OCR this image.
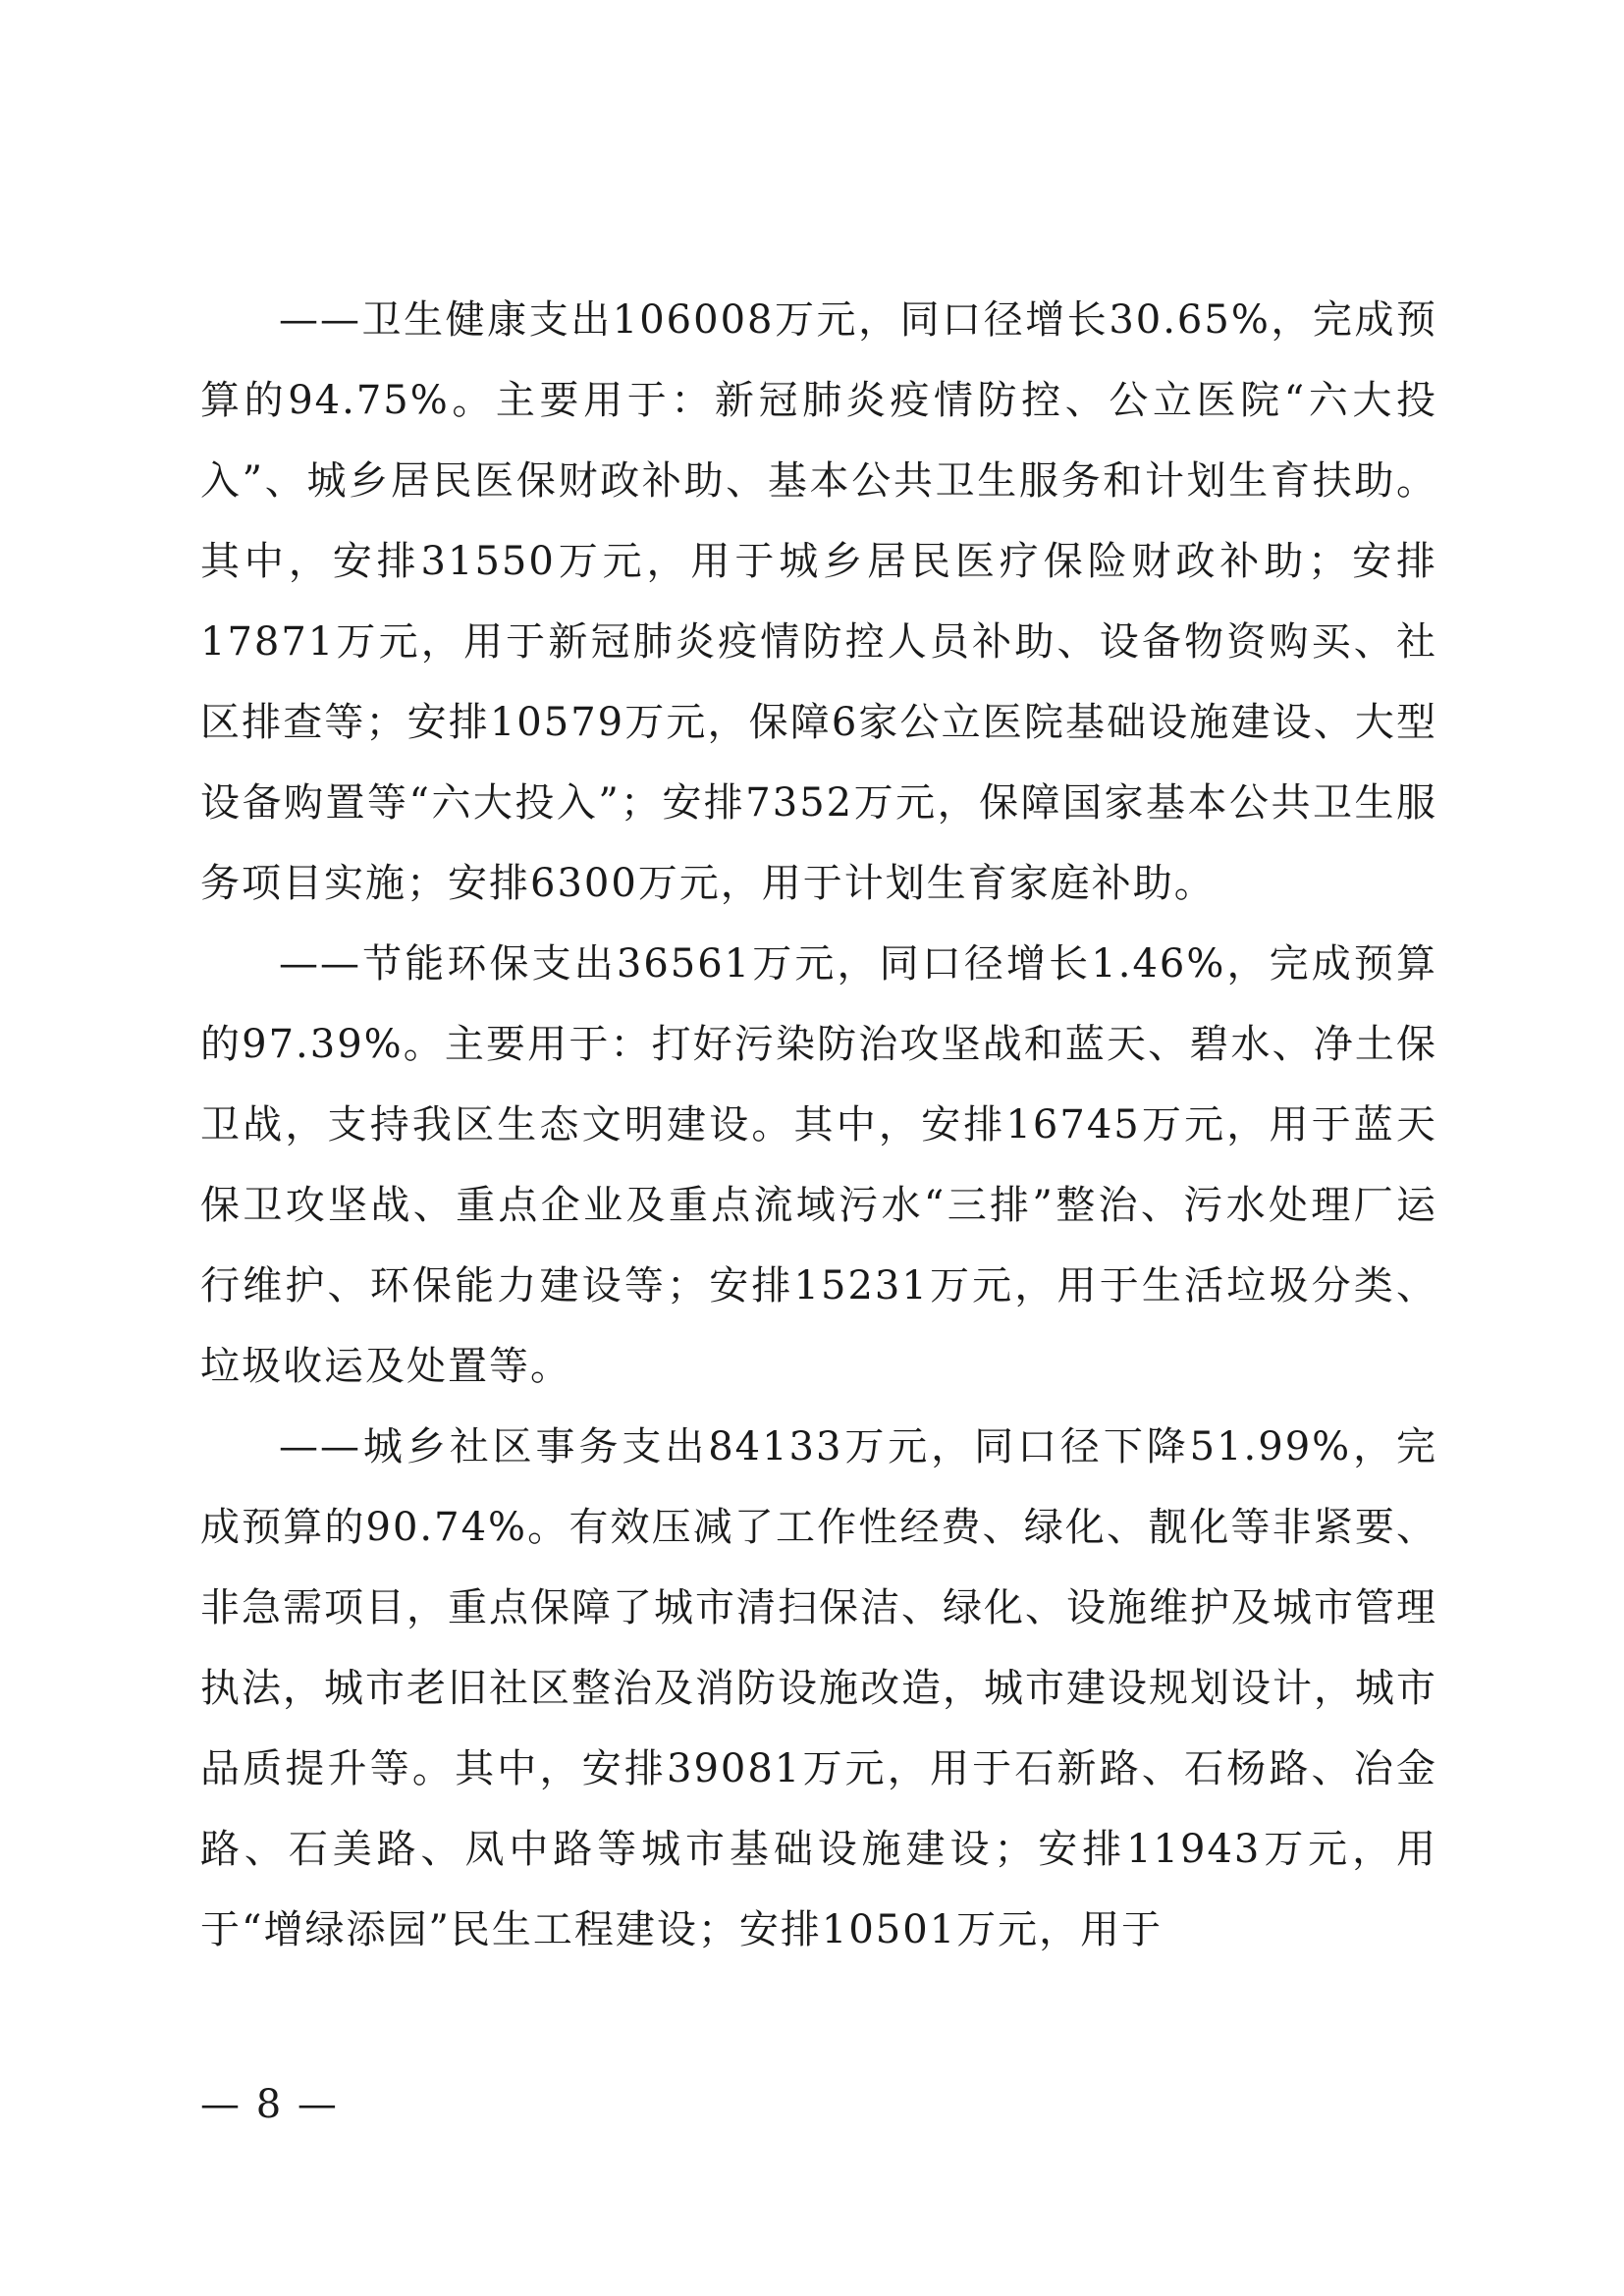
——卫生健康支出106008万元，同口径增长30.65%，完成预算的94.75%。主要用于：新冠肺炎疫情防控、公立医院“六大投入”、城乡居民医保财政补助、基本公共卫生服务和计划生育扶助。其中，安排31550万元，用于城乡居民医疗保险财政补助；安排17871万元，用于新冠肺炎疫情防控人员补助、设备物资购买、社区排查等；安排10579万元，保障6家公立医院基础设施建设、大型设备购置等“六大投入”；安排7352万元，保障国家基本公共卫生服务项目实施；安排6300万元，用于计划生育家庭补助。

——节能环保支出36561万元，同口径增长1.46%，完成预算的97.39%。主要用于：打好污染防治攻坚战和蓝天、碧水、净土保卫战，支持我区生态文明建设。其中，安排16745万元，用于蓝天保卫攻坚战、重点企业及重点流域污水“三排”整治、污水处理厂运行维护、环保能力建设等；安排15231万元，用于生活垃圾分类、垃圾收运及处置等。

——城乡社区事务支出84133万元，同口径下降51.99%，完成预算的90.74%。有效压减了工作性经费、绿化、靓化等非紧要、非急需项目，重点保障了城市清扫保洁、绿化、设施维护及城市管理执法，城市老旧社区整治及消防设施改造，城市建设规划设计，城市品质提升等。其中，安排39081万元，用于石新路、石杨路、冶金路、石美路、凤中路等城市基础设施建设；安排11943万元，用于“增绿添园”民生工程建设；安排10501万元，用于

— 8 —
